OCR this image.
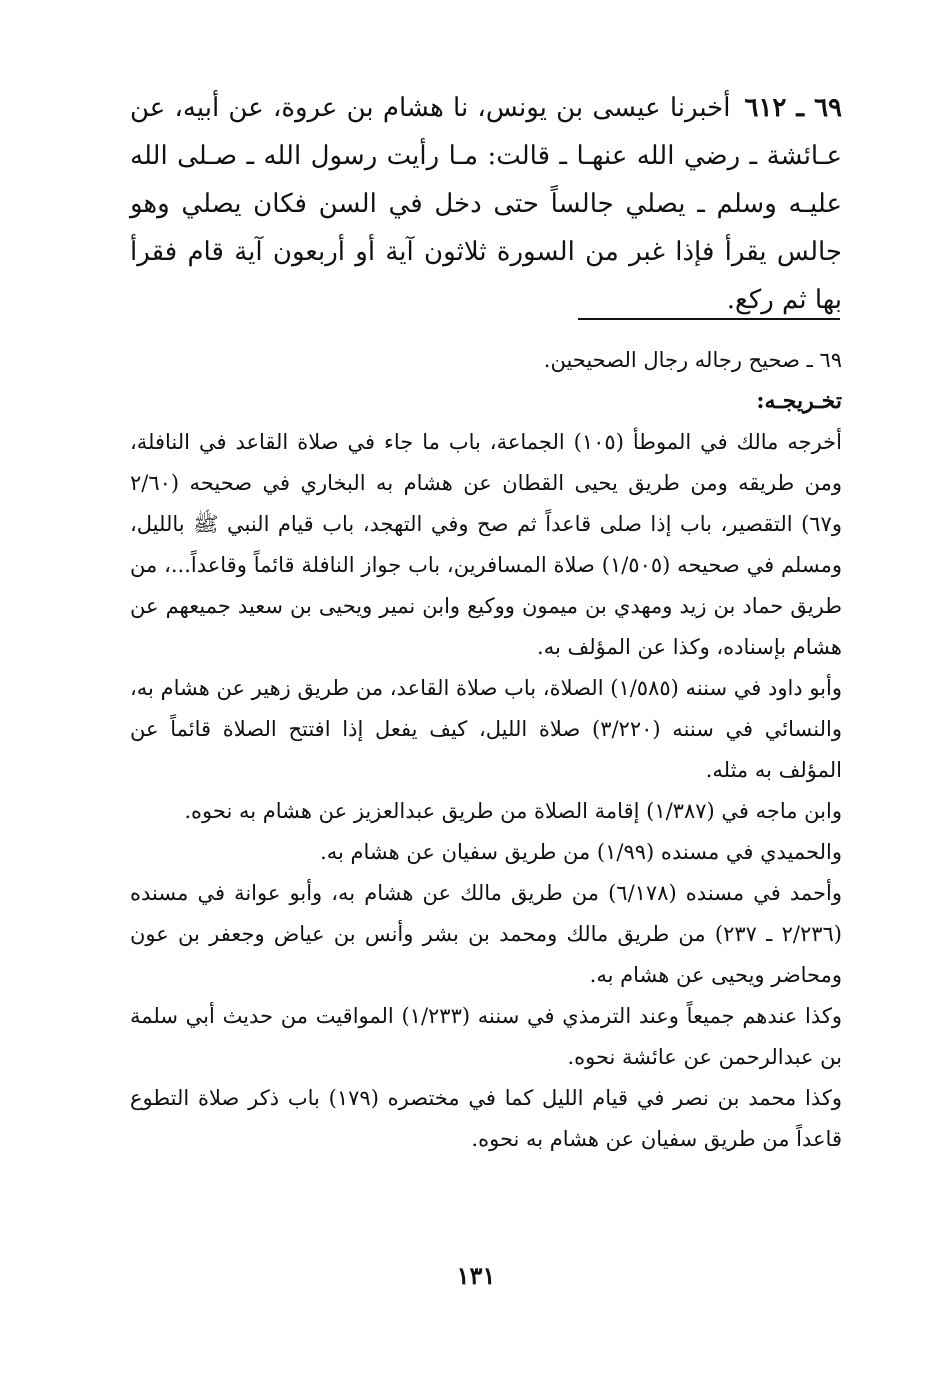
٦٩ ـ ٦١٢أخبرنا عيسى بن يونس، نا هشام بن عروة، عن أبيه، عن عـائشة ـ رضي الله عنهـا ـ قالت: مـا رأيت رسول الله ـ صـلى الله عليـه وسلم ـ يصلي جالساً حتى دخل في السن فكان يصلي وهو جالس يقرأ فإذا غبر من السورة ثلاثون آية أو أربعون آية قام فقرأ بها ثم ركع.

٦٩ ـ صحيح رجاله رجال الصحيحين.

تخـريجـه:

أخرجه مالك في الموطأ (١٠٥) الجماعة، باب ما جاء في صلاة القاعد في النافلة، ومن طريقه ومن طريق يحيى القطان عن هشام به البخاري في صحيحه (٢/٦٠ و٦٧) التقصير، باب إذا صلى قاعداً ثم صح وفي التهجد، باب قيام النبي ﷺ بالليل، ومسلم في صحيحه (١/٥٠٥) صلاة المسافرين، باب جواز النافلة قائماً وقاعداً...، من طريق حماد بن زيد ومهدي بن ميمون ووكيع وابن نمير ويحيى بن سعيد جميعهم عن هشام بإسناده، وكذا عن المؤلف به.

وأبو داود في سننه (١/٥٨٥) الصلاة، باب صلاة القاعد، من طريق زهير عن هشام به، والنسائي في سننه (٣/٢٢٠) صلاة الليل، كيف يفعل إذا افتتح الصلاة قائماً عن المؤلف به مثله.

وابن ماجه في (١/٣٨٧) إقامة الصلاة من طريق عبدالعزيز عن هشام به نحوه.

والحميدي في مسنده (١/٩٩) من طريق سفيان عن هشام به.

وأحمد في مسنده (٦/١٧٨) من طريق مالك عن هشام به، وأبو عوانة في مسنده (٢/٢٣٦ ـ ٢٣٧) من طريق مالك ومحمد بن بشر وأنس بن عياض وجعفر بن عون ومحاضر ويحيى عن هشام به.

وكذا عندهم جميعاً وعند الترمذي في سننه (١/٢٣٣) المواقيت من حديث أبي سلمة بن عبدالرحمن عن عائشة نحوه.

وكذا محمد بن نصر في قيام الليل كما في مختصره (١٧٩) باب ذكر صلاة التطوع قاعداً من طريق سفيان عن هشام به نحوه.

١٣١
